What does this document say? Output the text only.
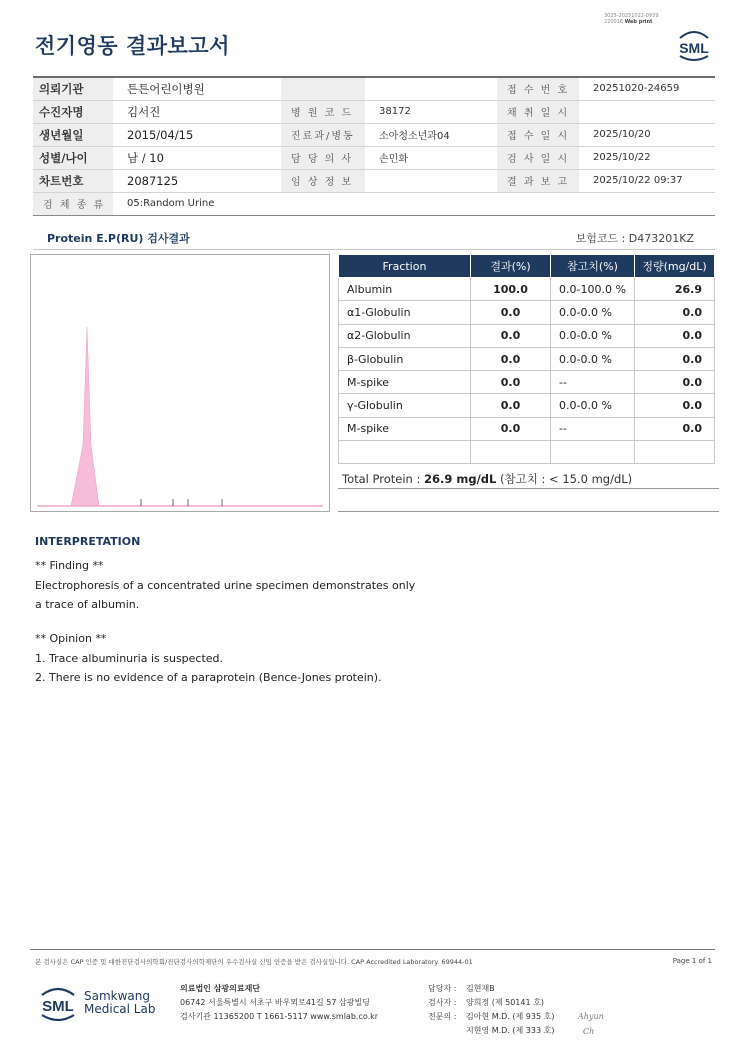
전기영동 결과보고서
3025-20251022-0939
220016 Web print
SML
의뢰기관	튼튼어린이병원			접 수 번 호	20251020-24659
수진자명	김서진	병 원 코 드	38172	채 취 일 시	
생년월일	2015/04/15	진료과/병동	소아청소년과04	접 수 일 시	2025/10/20
성별/나이	남 / 10	담 당 의 사	손민화	검 사 일 시	2025/10/22
차트번호	2087125	임 상 정 보		결 과 보 고	2025/10/22 09:37
검 체 종 류	05:Random Urine				
Protein E.P(RU) 검사결과	보험코드 : D473201KZ
Fraction	결과(%)	참고치(%)	정량(mg/dL)
Albumin	100.0	0.0-100.0 %	26.9
α1-Globulin	0.0	0.0-0.0 %	0.0
α2-Globulin	0.0	0.0-0.0 %	0.0
β-Globulin	0.0	0.0-0.0 %	0.0
M-spike	0.0	--	0.0
γ-Globulin	0.0	0.0-0.0 %	0.0
M-spike	0.0	--	0.0

Total Protein : 26.9 mg/dL (참고치 : < 15.0 mg/dL)
INTERPRETATION
** Finding **
Electrophoresis of a concentrated urine specimen demonstrates only
a trace of albumin.
** Opinion **
1. Trace albuminuria is suspected.
2. There is no evidence of a paraprotein (Bence-Jones protein).
본 검사실은 CAP 인증 및 대한진단검사의학회/진단검사의학재단의 우수검사실 신임 인증을 받은 검사실입니다. CAP Accredited Laboratory. 69944-01	Page 1 of 1
SML
Samkwang
Medical Lab
의료법인 삼광의료재단
06742 서울특별시 서초구 바우뫼로41길 57 삼광빌딩
검사기관 11365200 T 1661-5117 www.smlab.co.kr
담당자 : 김현재B
검사자 : 양희정 (제 50141 호)
전문의 : 김아현 M.D. (제 935 호)
지현영 M.D. (제 333 호)
Ahyun
Ch
